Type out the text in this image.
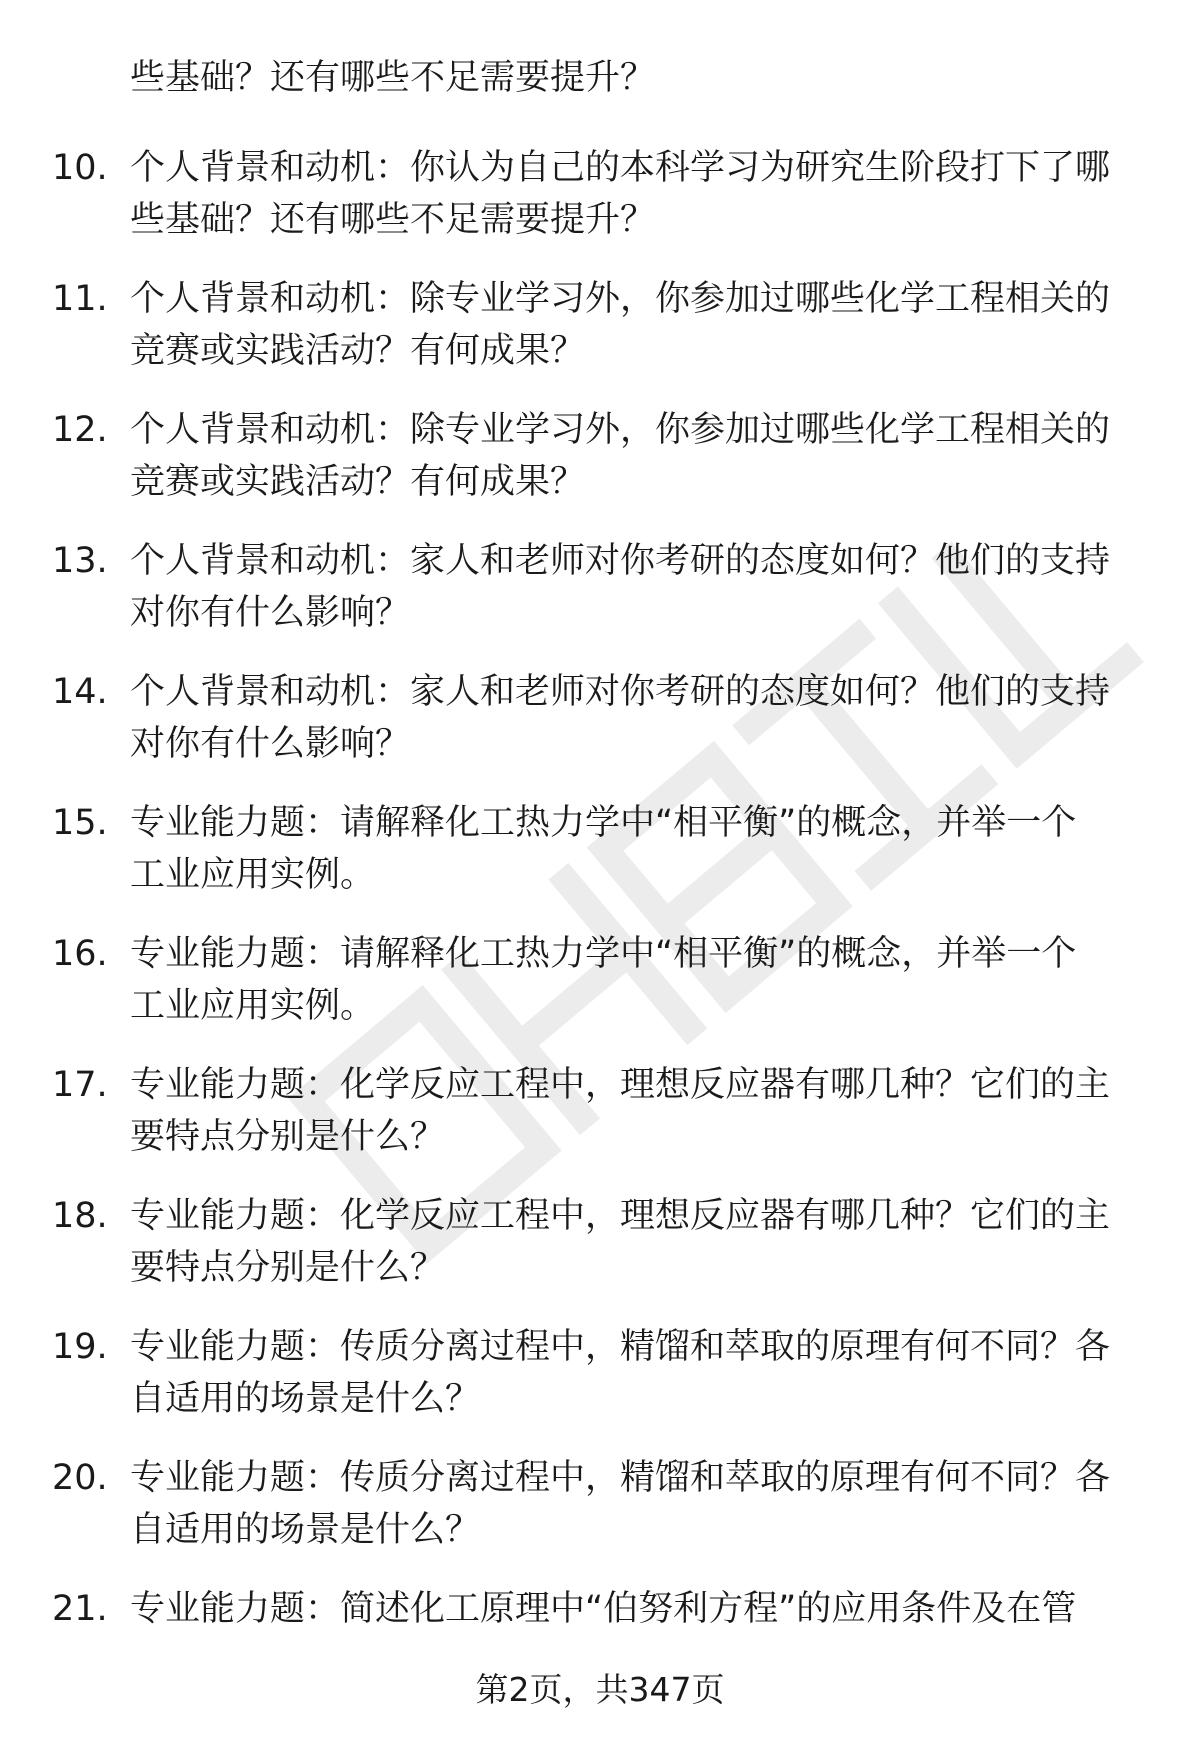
些基础？还有哪些不足需要提升？
10. 个人背景和动机：你认为自己的本科学习为研究生阶段打下了哪
些基础？还有哪些不足需要提升？
11. 个人背景和动机：除专业学习外，你参加过哪些化学工程相关的
竞赛或实践活动？有何成果？
12. 个人背景和动机：除专业学习外，你参加过哪些化学工程相关的
竞赛或实践活动？有何成果？
13. 个人背景和动机：家人和老师对你考研的态度如何？他们的支持
对你有什么影响？
14. 个人背景和动机：家人和老师对你考研的态度如何？他们的支持
对你有什么影响？
15. 专业能力题：请解释化工热力学中“相平衡”的概念，并举一个
工业应用实例。
16. 专业能力题：请解释化工热力学中“相平衡”的概念，并举一个
工业应用实例。
17. 专业能力题：化学反应工程中，理想反应器有哪几种？它们的主
要特点分别是什么？
18. 专业能力题：化学反应工程中，理想反应器有哪几种？它们的主
要特点分别是什么？
19. 专业能力题：传质分离过程中，精馏和萃取的原理有何不同？各
自适用的场景是什么？
20. 专业能力题：传质分离过程中，精馏和萃取的原理有何不同？各
自适用的场景是什么？
21. 专业能力题：简述化工原理中“伯努利方程”的应用条件及在管
第2页，共347页
